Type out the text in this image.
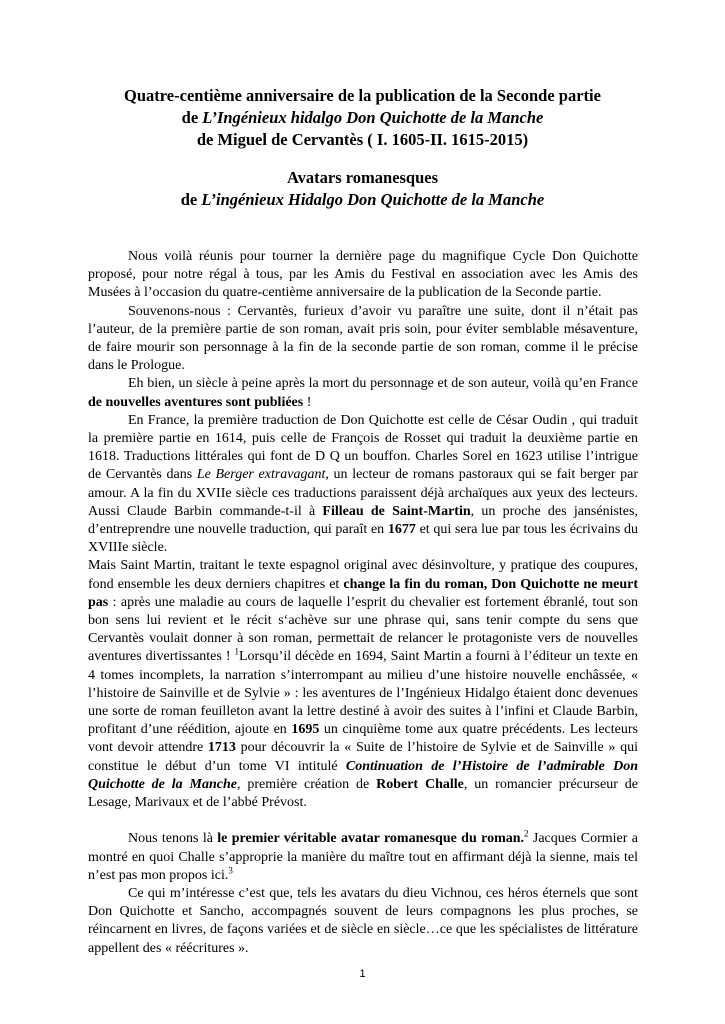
Quatre-centième anniversaire de la publication de la Seconde partie
de L’Ingénieux hidalgo Don Quichotte de la Manche
de Miguel de Cervantès ( I. 1605-II. 1615-2015)
Avatars romanesques
de L’ingénieux Hidalgo Don Quichotte de la Manche

Nous voilà réunis pour tourner la dernière page du magnifique Cycle Don Quichotte proposé, pour notre régal à tous, par les Amis du Festival en association avec les Amis des Musées à l’occasion du quatre-centième anniversaire de la publication de la Seconde partie.

Souvenons-nous : Cervantès, furieux d’avoir vu paraître une suite, dont il n’était pas l’auteur, de la première partie de son roman, avait pris soin, pour éviter semblable mésaventure, de faire mourir son personnage à la fin de la seconde partie de son roman, comme il le précise dans le Prologue.

Eh bien, un siècle à peine après la mort du personnage et de son auteur, voilà qu’en France de nouvelles aventures sont publiées !

En France, la première traduction de Don Quichotte est celle de César Oudin , qui traduit la première partie en 1614, puis celle de François de Rosset qui traduit la deuxième partie en 1618. Traductions littérales qui font de D Q un bouffon. Charles Sorel en 1623 utilise l’intrigue de Cervantès dans Le Berger extravagant, un lecteur de romans pastoraux qui se fait berger par amour. A la fin du XVIIe siècle ces traductions paraissent déjà archaïques aux yeux des lecteurs. Aussi Claude Barbin commande-t-il à Filleau de Saint-Martin, un proche des jansénistes, d’entreprendre une nouvelle traduction, qui paraît en 1677 et qui sera lue par tous les écrivains du XVIIIe siècle.

Mais Saint Martin, traitant le texte espagnol original avec désinvolture, y pratique des coupures, fond ensemble les deux derniers chapitres et change la fin du roman, Don Quichotte ne meurt pas : après une maladie au cours de laquelle l’esprit du chevalier est fortement ébranlé, tout son bon sens lui revient et le récit s‘achève sur une phrase qui, sans tenir compte du sens que Cervantès voulait donner à son roman, permettait de relancer le protagoniste vers de nouvelles aventures divertissantes ! $^1$Lorsqu’il décède en 1694, Saint Martin a fourni à l’éditeur un texte en 4 tomes incomplets, la narration s’interrompant au milieu d’une histoire nouvelle enchâssée, « l’histoire de Sainville et de Sylvie » : les aventures de l’Ingénieux Hidalgo étaient donc devenues une sorte de roman feuilleton avant la lettre destiné à avoir des suites à l’infini et Claude Barbin, profitant d’une réédition, ajoute en 1695 un cinquième tome aux quatre précédents. Les lecteurs vont devoir attendre 1713 pour découvrir la « Suite de l’histoire de Sylvie et de Sainville » qui constitue le début d’un tome VI intitulé Continuation de l’Histoire de l’admirable Don Quichotte de la Manche, première création de Robert Challe, un romancier précurseur de Lesage, Marivaux et de l’abbé Prévost.

Nous tenons là le premier véritable avatar romanesque du roman.$^2$ Jacques Cormier a montré en quoi Challe s’approprie la manière du maître tout en affirmant déjà la sienne, mais tel n’est pas mon propos ici.$^3$

Ce qui m’intéresse c’est que, tels les avatars du dieu Vichnou, ces héros éternels que sont Don Quichotte et Sancho, accompagnés souvent de leurs compagnons les plus proches, se réincarnent en livres, de façons variées et de siècle en siècle…ce que les spécialistes de littérature appellent des « réécritures ».

1
